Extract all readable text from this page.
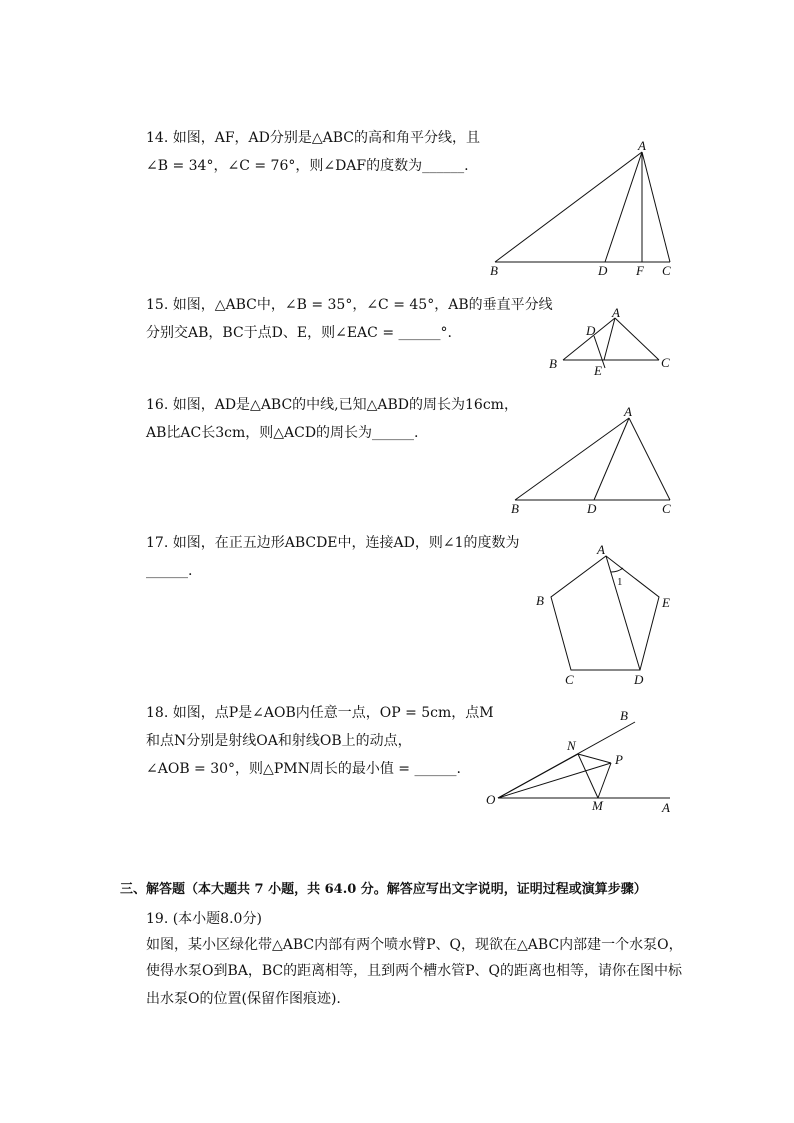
14. 如图，AF，AD分别是△ABC的高和角平分线，且
∠B = 34°，∠C = 76°，则∠DAF的度数为______.
A
B	D F C
15. 如图，△ABC中，∠B = 35°，∠C = 45°，AB的垂直平分线
分别交AB，BC于点D、E，则∠EAC = ______°.
A
B	C
D
E
16. 如图，AD是△ABC的中线,已知△ABD的周长为16cm，
AB比AC长3cm，则△ACD的周长为______.
A
B	D	C
17. 如图，在正五边形ABCDE中，连接AD，则∠1的度数为
______.
A
B
C	D
E
1
18. 如图，点P是∠AOB内任意一点，OP = 5cm，点M
和点N分别是射线OA和射线OB上的动点，
∠AOB = 30°，则△PMN周长的最小值 = ______.
B
N
P
O	M	A
三、解答题（本大题共 7 小题，共 64.0 分。解答应写出文字说明，证明过程或演算步骤）
19. (本小题8.0分)
如图，某小区绿化带△ABC内部有两个喷水臂P、Q，现欲在△ABC内部建一个水泵O，
使得水泵O到BA，BC的距离相等，且到两个槽水管P、Q的距离也相等，请你在图中标
出水泵O的位置(保留作图痕迹).
